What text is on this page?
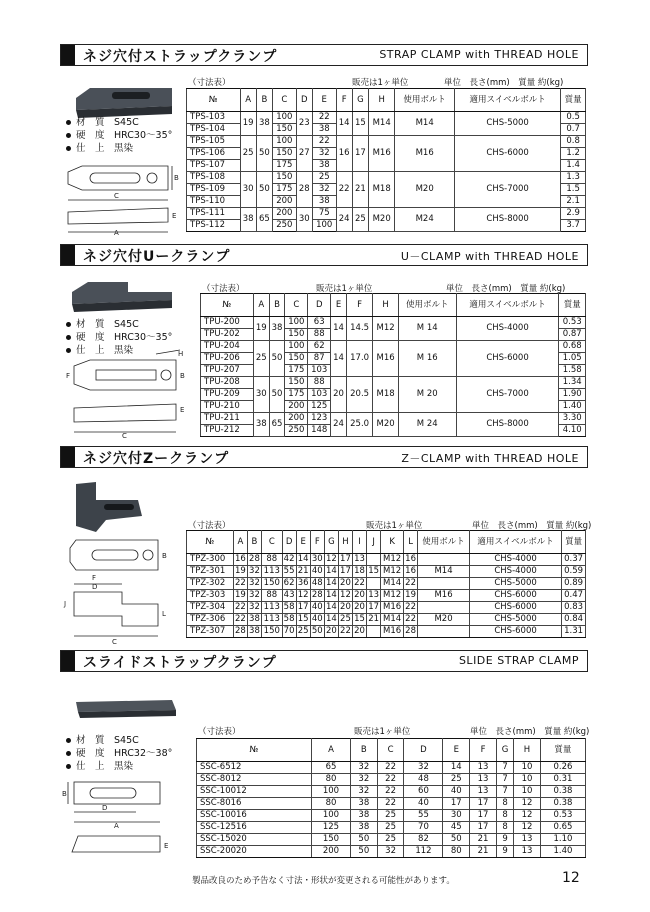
ネジ穴付ストラップクランプ	STRAP CLAMP with THREAD HOLE
材　質　 S45C
硬　度　 HRC30～35°
仕　上　 黒染
B
C
A
E
（寸法表）	販売は1ヶ単位	単位　長さ(mm)　質量 約(kg)
№	A	B	C	D	E	F	G	H	使用ボルト	適用スイベルボルト	質量
TPS-103	19	38	100	23	22	14	15	M14	M14	CHS-5000	0.5
TPS-104			150		38						0.7
TPS-105	25	50	100	27	22	16	17	M16	M16	CHS-6000	0.8
TPS-106			150		32						1.2
TPS-107			175		38						1.4
TPS-108	30	50	150	28	25	22	21	M18	M20	CHS-7000	1.3
TPS-109			175		32						1.5
TPS-110			200		38						2.1
TPS-111	38	65	200	30	75	24	25	M20	M24	CHS-8000	2.9
TPS-112			250		100						3.7
ネジ穴付Uークランプ	U－CLAMP with THREAD HOLE
材　質　 S45C
硬　度　 HRC30～35°
仕　上　 黒染	H
F	B
E
C
（寸法表）	販売は1ヶ単位	単位　長さ(mm)　質量 約(kg)
№	A	B	C	D	E	F	H	使用ボルト	適用スイベルボルト	質量
TPU-200	19	38	100	63	14	14.5	M12	M 14	CHS-4000	0.53
TPU-202			150	88						0.87
TPU-204	25	50	100	62	14	17.0	M16	M 16	CHS-6000	0.68
TPU-206			150	87						1.05
TPU-207			175	103						1.58
TPU-208	30	50	150	88	20	20.5	M18	M 20	CHS-7000	1.34
TPU-209			175	103						1.90
TPU-210			200	125						1.40
TPU-211	38	65	200	123	24	25.0	M20	M 24	CHS-8000	3.30
TPU-212			250	148						4.10
ネジ穴付Zークランプ	Z－CLAMP with THREAD HOLE
B
F
D
J
L
C
（寸法表）	販売は1ヶ単位	単位　長さ(mm)　質量 約(kg)
№	A	B	C	D	E	F	G	H	I	J	K	L	使用ボルト	適用スイベルボルト	質量
TPZ-300	16	28	88	42	14	30	12	17	13		M12	16		CHS-4000	0.37
TPZ-301	19	32	113	55	21	40	14	17	18	15	M12	16	M14	CHS-4000	0.59
TPZ-302	22	32	150	62	36	48	14	20	22		M14	22		CHS-5000	0.89
TPZ-303	19	32	88	43	12	28	14	12	20	13	M12	19	M16	CHS-6000	0.47
TPZ-304	22	32	113	58	17	40	14	20	20	17	M16	22		CHS-6000	0.83
TPZ-306	22	38	113	58	15	40	14	25	15	21	M14	22	M20	CHS-5000	0.84
TPZ-307	28	38	150	70	25	50	20	22	20		M16	28		CHS-6000	1.31
スライドストラップクランプ	SLIDE STRAP CLAMP
材　質　 S45C
硬　度　 HRC32～38°
仕　上　 黒染
B
D
A
E
（寸法表）	販売は1ヶ単位	単位　長さ(mm)　質量 約(kg)
№	A	B	C	D	E	F	G	H	質量
SSC-6512	65	32	22	32	14	13	7	10	0.26
SSC-8012	80	32	22	48	25	13	7	10	0.31
SSC-10012	100	32	22	60	40	13	7	10	0.38
SSC-8016	80	38	22	40	17	17	8	12	0.38
SSC-10016	100	38	25	55	30	17	8	12	0.53
SSC-12516	125	38	25	70	45	17	8	12	0.65
SSC-15020	150	50	25	82	50	21	9	13	1.10
SSC-20020	200	50	32	112	80	21	9	13	1.40
製品改良のため予告なく寸法・形状が変更される可能性があります。	12
